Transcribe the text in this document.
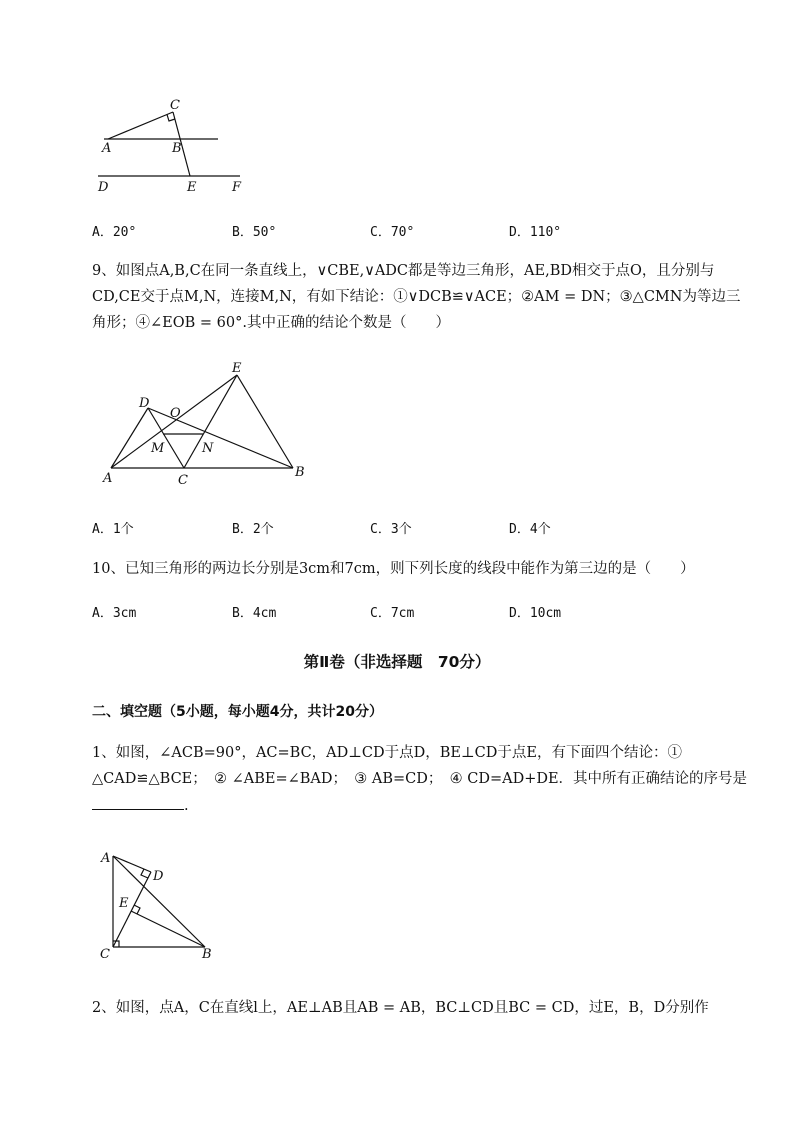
C
A	B
D	E	F
A．20°	B．50°	C．70°	D．110°
9、如图点A,B,C在同一条直线上，∨CBE,∨ADC都是等边三角形，AE,BD相交于点O，且分别与
CD,CE交于点M,N，连接M,N，有如下结论：①∨DCB≌∨ACE；②AM = DN；③△CMN为等边三
角形；④∠EOB = 60°.其中正确的结论个数是（　　）
E
D
O
M	N
A	C
B
A．1个	B．2个	C．3个	D．4个
10、已知三角形的两边长分别是3cm和7cm，则下列长度的线段中能作为第三边的是（　　）
A．3cm	B．4cm	C．7cm	D．10cm
第Ⅱ卷（非选择题　70分）
二、填空题（5小题，每小题4分，共计20分）
1、如图，∠ACB=90°，AC=BC，AD⊥CD于点D，BE⊥CD于点E，有下面四个结论：①
△CAD≌△BCE；　② ∠ABE=∠BAD；　③ AB=CD；　④ CD=AD+DE．其中所有正确结论的序号是
.
A
D
E
C	B
2、如图，点A，C在直线l上，AE⊥AB且AB = AB，BC⊥CD且BC = CD，过E，B，D分别作
